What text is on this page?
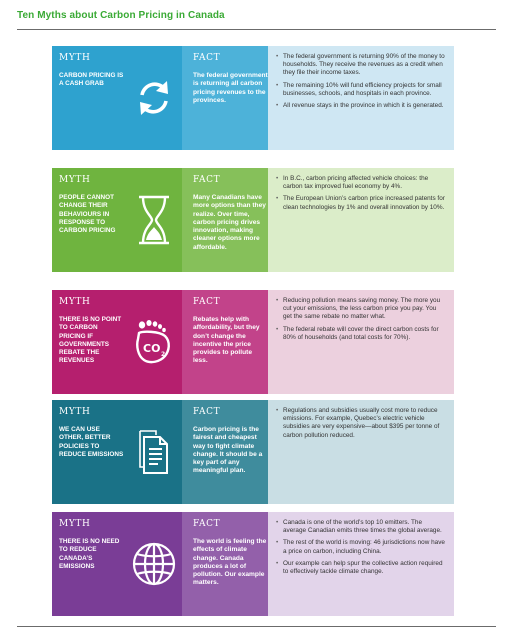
Ten Myths about Carbon Pricing in Canada
MYTH

CARBON PRICING IS A CASH GRAB

FACT

The federal government is returning all carbon pricing revenues to the provinces.

• The federal government is returning 90% of the money to households. They receive the revenues as a credit when they file their income taxes.
• The remaining 10% will fund efficiency projects for small businesses, schools, and hospitals in each province.
• All revenue stays in the province in which it is generated.
MYTH

PEOPLE CANNOT CHANGE THEIR BEHAVIOURS IN RESPONSE TO CARBON PRICING

FACT

Many Canadians have more options than they realize. Over time, carbon pricing drives innovation, making cleaner options more affordable.

• In B.C., carbon pricing affected vehicle choices: the carbon tax improved fuel economy by 4%.
• The European Union’s carbon price increased patents for clean technologies by 1% and overall innovation by 10%.
MYTH

THERE IS NO POINT TO CARBON PRICING IF GOVERNMENTS REBATE THE REVENUES

CO 2
FACT

Rebates help with affordability, but they don’t change the incentive the price provides to pollute less.

• Reducing pollution means saving money. The more you cut your emissions, the less carbon price you pay. You get the same rebate no matter what.
• The federal rebate will cover the direct carbon costs for 80% of households (and total costs for 70%).
MYTH

WE CAN USE OTHER, BETTER POLICIES TO REDUCE EMISSIONS

FACT

Carbon pricing is the fairest and cheapest way to fight climate change. It should be a key part of any meaningful plan.

• Regulations and subsidies usually cost more to reduce emissions. For example, Quebec’s electric vehicle subsidies are very expensive—about $395 per tonne of carbon pollution reduced.
MYTH

THERE IS NO NEED TO REDUCE CANADA’S EMISSIONS

FACT

The world is feeling the effects of climate change. Canada produces a lot of pollution. Our example matters.

• Canada is one of the world’s top 10 emitters. The average Canadian emits three times the global average.
• The rest of the world is moving: 46 jurisdictions now have a price on carbon, including China.
• Our example can help spur the collective action required to effectively tackle climate change.
